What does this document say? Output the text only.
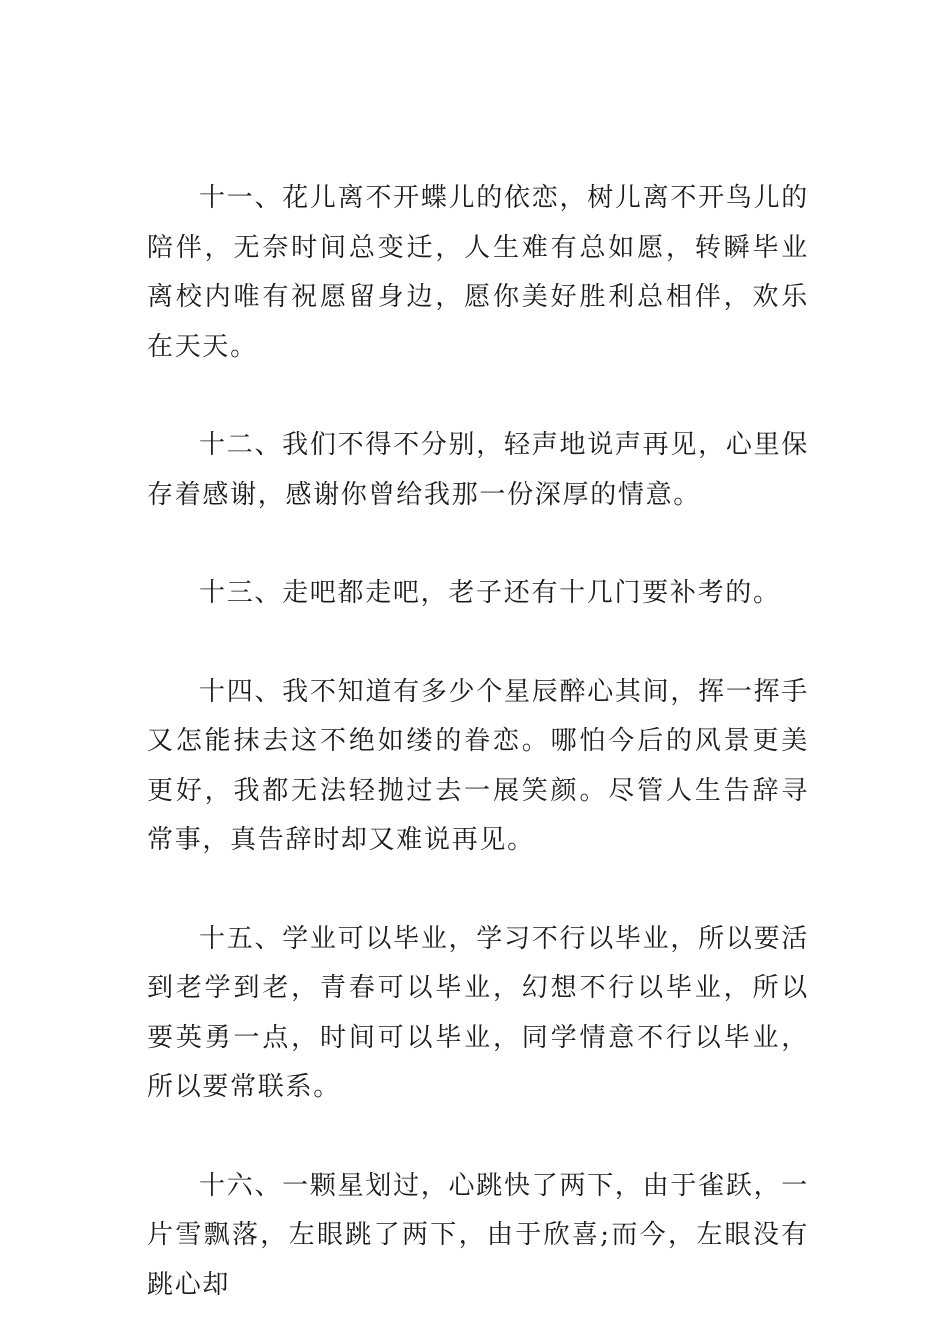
十一、花儿离不开蝶儿的依恋，树儿离不开鸟儿的陪伴，无奈时间总变迁，人生难有总如愿，转瞬毕业离校内唯有祝愿留身边，愿你美好胜利总相伴，欢乐在天天。

十二、我们不得不分别，轻声地说声再见，心里保存着感谢，感谢你曾给我那一份深厚的情意。

十三、走吧都走吧，老子还有十几门要补考的。

十四、我不知道有多少个星辰醉心其间，挥一挥手又怎能抹去这不绝如缕的眷恋。哪怕今后的风景更美更好，我都无法轻抛过去一展笑颜。尽管人生告辞寻常事，真告辞时却又难说再见。

十五、学业可以毕业，学习不行以毕业，所以要活到老学到老，青春可以毕业，幻想不行以毕业，所以要英勇一点，时间可以毕业，同学情意不行以毕业，所以要常联系。

十六、一颗星划过，心跳快了两下，由于雀跃，一片雪飘落，左眼跳了两下，由于欣喜;而今，左眼没有跳心却
